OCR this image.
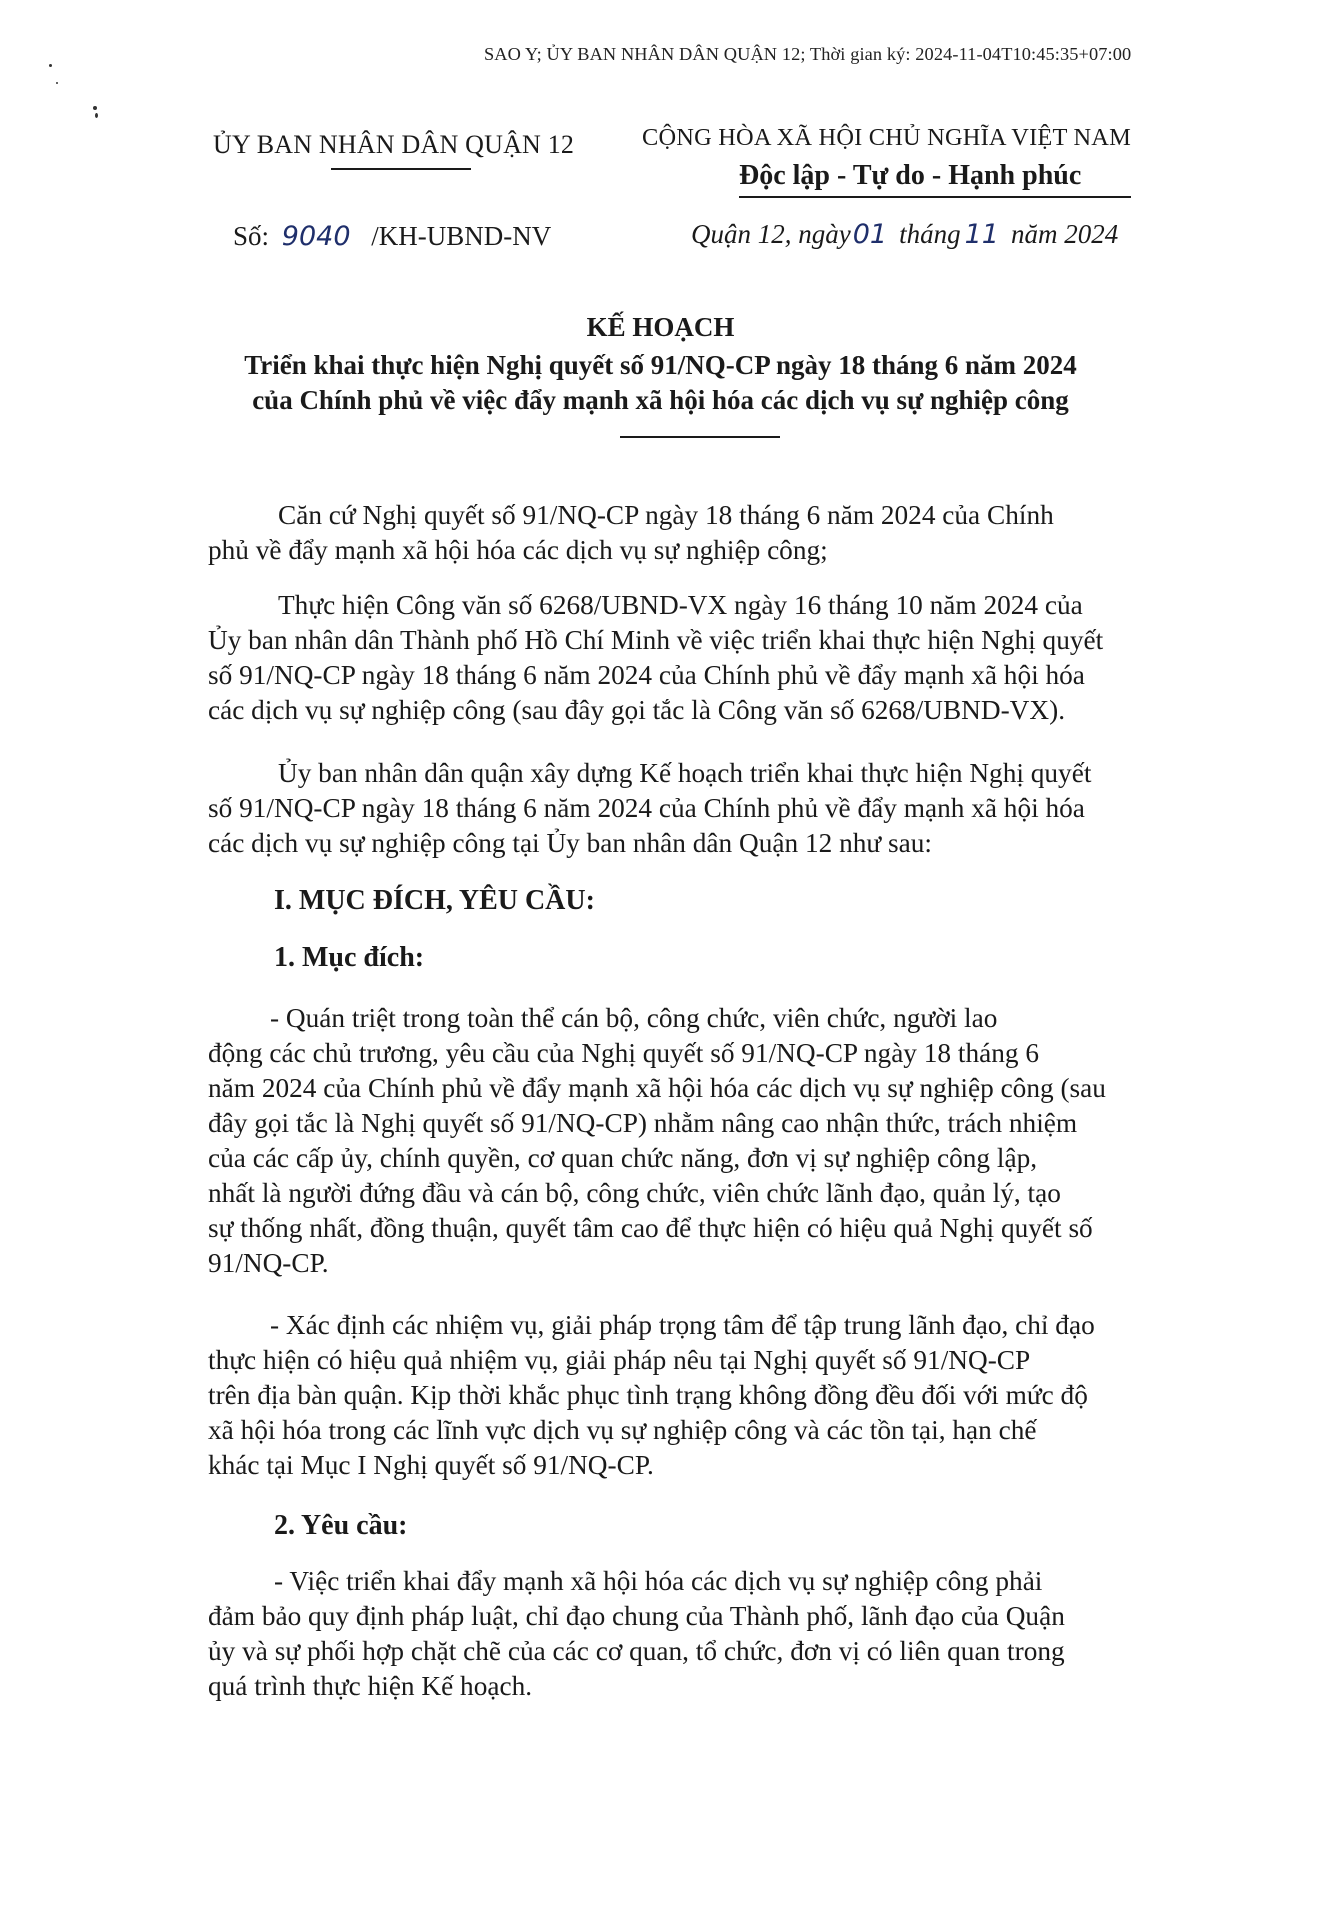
SAO Y; ỦY BAN NHÂN DÂN QUẬN 12; Thời gian ký: 2024-11-04T10:45:35+07:00
ỦY BAN NHÂN DÂN QUẬN 12	CỘNG HÒA XÃ HỘI CHỦ NGHĨA VIỆT NAM
Độc lập - Tự do - Hạnh phúc
Số: 9040 /KH-UBND-NV	Quận 12, ngày01 tháng 11 năm 2024
KẾ HOẠCH
Triển khai thực hiện Nghị quyết số 91/NQ-CP ngày 18 tháng 6 năm 2024
của Chính phủ về việc đẩy mạnh xã hội hóa các dịch vụ sự nghiệp công
Căn cứ Nghị quyết số 91/NQ-CP ngày 18 tháng 6 năm 2024 của Chính
phủ về đẩy mạnh xã hội hóa các dịch vụ sự nghiệp công;
Thực hiện Công văn số 6268/UBND-VX ngày 16 tháng 10 năm 2024 của
Ủy ban nhân dân Thành phố Hồ Chí Minh về việc triển khai thực hiện Nghị quyết
số 91/NQ-CP ngày 18 tháng 6 năm 2024 của Chính phủ về đẩy mạnh xã hội hóa
các dịch vụ sự nghiệp công (sau đây gọi tắc là Công văn số 6268/UBND-VX).
Ủy ban nhân dân quận xây dựng Kế hoạch triển khai thực hiện Nghị quyết
số 91/NQ-CP ngày 18 tháng 6 năm 2024 của Chính phủ về đẩy mạnh xã hội hóa
các dịch vụ sự nghiệp công tại Ủy ban nhân dân Quận 12 như sau:
I. MỤC ĐÍCH, YÊU CẦU:
1. Mục đích:
- Quán triệt trong toàn thể cán bộ, công chức, viên chức, người lao
động các chủ trương, yêu cầu của Nghị quyết số 91/NQ-CP ngày 18 tháng 6
năm 2024 của Chính phủ về đẩy mạnh xã hội hóa các dịch vụ sự nghiệp công (sau
đây gọi tắc là Nghị quyết số 91/NQ-CP) nhằm nâng cao nhận thức, trách nhiệm
của các cấp ủy, chính quyền, cơ quan chức năng, đơn vị sự nghiệp công lập,
nhất là người đứng đầu và cán bộ, công chức, viên chức lãnh đạo, quản lý, tạo
sự thống nhất, đồng thuận, quyết tâm cao để thực hiện có hiệu quả Nghị quyết số
91/NQ-CP.
- Xác định các nhiệm vụ, giải pháp trọng tâm để tập trung lãnh đạo, chỉ đạo
thực hiện có hiệu quả nhiệm vụ, giải pháp nêu tại Nghị quyết số 91/NQ-CP
trên địa bàn quận. Kịp thời khắc phục tình trạng không đồng đều đối với mức độ
xã hội hóa trong các lĩnh vực dịch vụ sự nghiệp công và các tồn tại, hạn chế
khác tại Mục I Nghị quyết số 91/NQ-CP.
2. Yêu cầu:
- Việc triển khai đẩy mạnh xã hội hóa các dịch vụ sự nghiệp công phải
đảm bảo quy định pháp luật, chỉ đạo chung của Thành phố, lãnh đạo của Quận
ủy và sự phối hợp chặt chẽ của các cơ quan, tổ chức, đơn vị có liên quan trong
quá trình thực hiện Kế hoạch.
